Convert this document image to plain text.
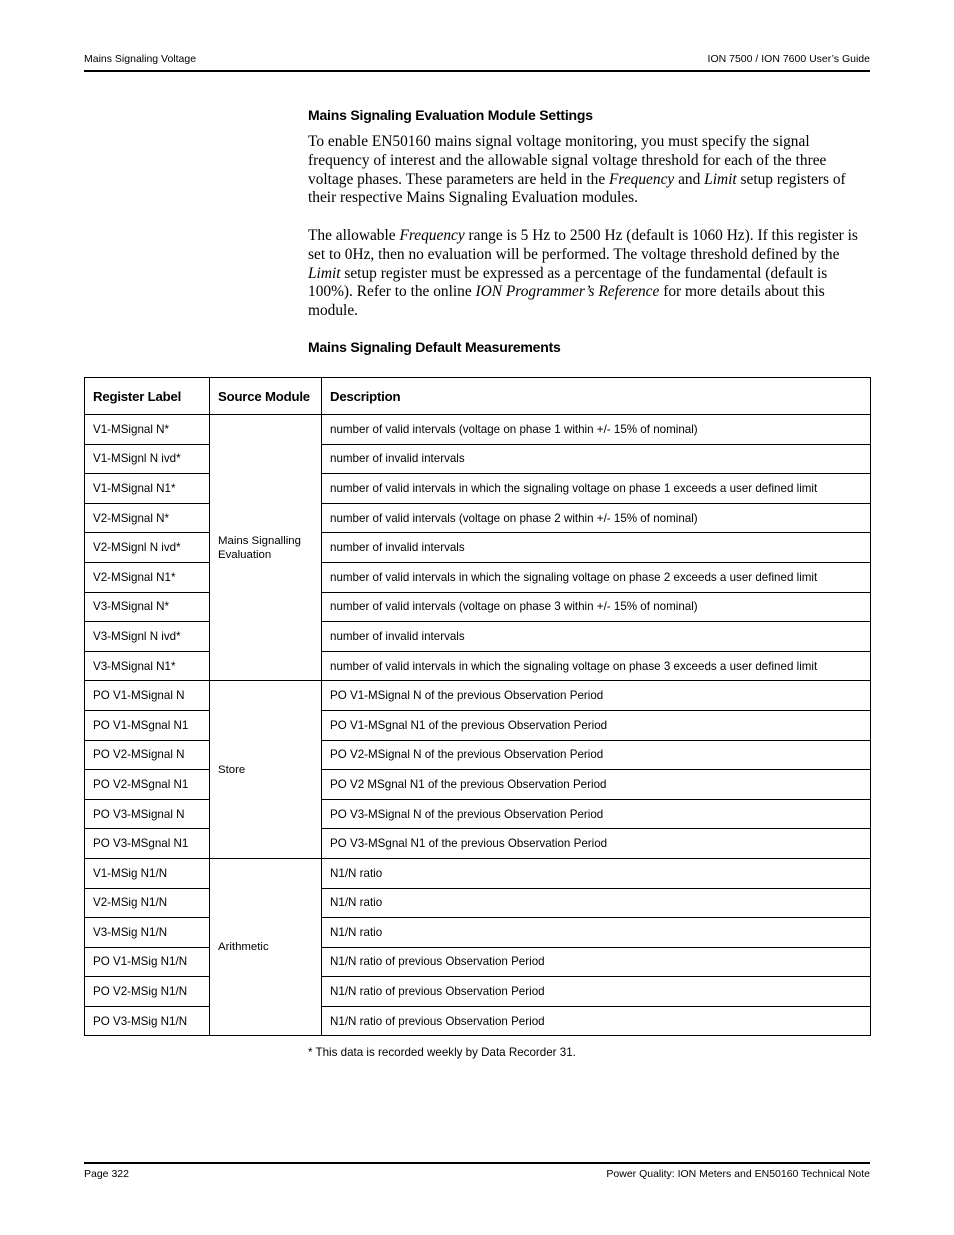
Mains Signaling Voltage	ION 7500 / ION 7600 User’s Guide
Mains Signaling Evaluation Module Settings
To enable EN50160 mains signal voltage monitoring, you must specify the signal frequency of interest and the allowable signal voltage threshold for each of the three voltage phases. These parameters are held in the Frequency and Limit setup registers of their respective Mains Signaling Evaluation modules.
The allowable Frequency range is 5 Hz to 2500 Hz (default is 1060 Hz). If this register is set to 0Hz, then no evaluation will be performed. The voltage threshold defined by the Limit setup register must be expressed as a percentage of the fundamental (default is 100%). Refer to the online ION Programmer’s Reference for more details about this module.
Mains Signaling Default Measurements
Register Label	Source Module	Description
V1-MSignal N*	Mains Signalling Evaluation	number of valid intervals (voltage on phase 1 within +/- 15% of nominal)
V1-MSignl N ivd*		number of invalid intervals
V1-MSignal N1*		number of valid intervals in which the signaling voltage on phase 1 exceeds a user defined limit
V2-MSignal N*		number of valid intervals (voltage on phase 2 within +/- 15% of nominal)
V2-MSignl N ivd*		number of invalid intervals
V2-MSignal N1*		number of valid intervals in which the signaling voltage on phase 2 exceeds a user defined limit
V3-MSignal N*		number of valid intervals (voltage on phase 3 within +/- 15% of nominal)
V3-MSignl N ivd*		number of invalid intervals
V3-MSignal N1*		number of valid intervals in which the signaling voltage on phase 3 exceeds a user defined limit
PO V1-MSignal N	Store	PO V1-MSignal N of the previous Observation Period
PO V1-MSgnal N1		PO V1-MSgnal N1 of the previous Observation Period
PO V2-MSignal N		PO V2-MSignal N of the previous Observation Period
PO V2-MSgnal N1		PO V2 MSgnal N1 of the previous Observation Period
PO V3-MSignal N		PO V3-MSignal N of the previous Observation Period
PO V3-MSgnal N1		PO V3-MSgnal N1 of the previous Observation Period
V1-MSig N1/N	Arithmetic	N1/N ratio
V2-MSig N1/N		N1/N ratio
V3-MSig N1/N		N1/N ratio
PO V1-MSig N1/N		N1/N ratio of previous Observation Period
PO V2-MSig N1/N		N1/N ratio of previous Observation Period
PO V3-MSig N1/N		N1/N ratio of previous Observation Period
* This data is recorded weekly by Data Recorder 31.
Page 322	Power Quality: ION Meters and EN50160 Technical Note
